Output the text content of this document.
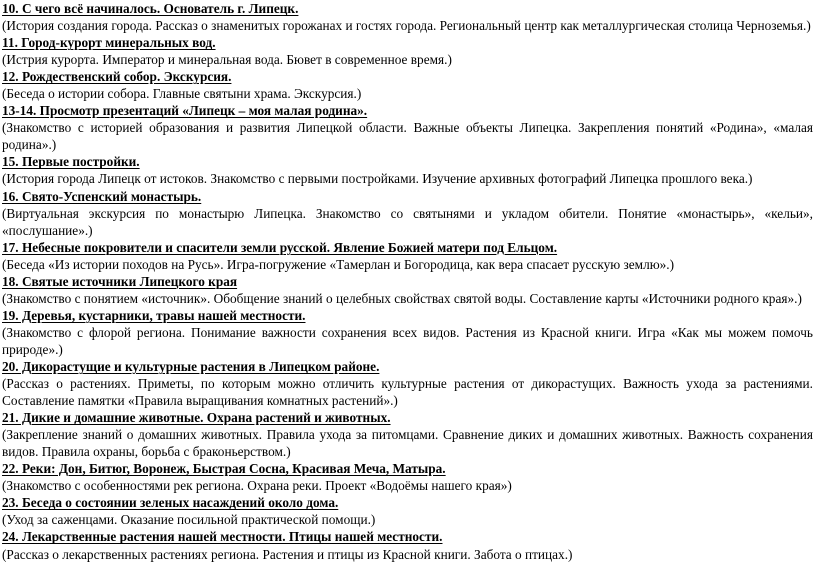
10. С чего всё начиналось. Основатель г. Липецк.
(История создания города. Рассказ о знаменитых горожанах и гостях города. Региональный центр как металлургическая столица Черноземья.)
11. Город-курорт минеральных вод.
(Истрия курорта. Император и минеральная вода. Бювет в современное время.)
12. Рождественский собор. Экскурсия.
(Беседа о истории собора. Главные святыни храма. Экскурсия.)
13-14. Просмотр презентаций «Липецк – моя малая родина».
(Знакомство с историей образования и развития Липецкой области. Важные объекты Липецка. Закрепления понятий «Родина», «малая родина».)
15. Первые постройки.
(История города Липецк от истоков. Знакомство с первыми постройками. Изучение архивных фотографий Липецка прошлого века.)
16. Свято-Успенский монастырь.
(Виртуальная экскурсия по монастырю Липецка. Знакомство со святынями и укладом обители. Понятие «монастырь», «кельи», «послушание».)
17. Небесные покровители и спасители земли русской. Явление Божией матери под Ельцом.
(Беседа «Из истории походов на Русь». Игра-погружение «Тамерлан и Богородица, как вера спасает русскую землю».)
18. Святые источники Липецкого края
(Знакомство с понятием «источник». Обобщение знаний о целебных свойствах святой воды. Составление карты «Источники родного края».)
19. Деревья, кустарники, травы нашей местности.
(Знакомство с флорой региона. Понимание важности сохранения всех видов. Растения из Красной книги. Игра «Как мы можем помочь природе».)
20. Дикорастущие и культурные растения в Липецком районе.
(Рассказ о растениях. Приметы, по которым можно отличить культурные растения от дикорастущих. Важность ухода за растениями. Составление памятки «Правила выращивания комнатных растений».)
21. Дикие и домашние животные. Охрана растений и животных.
(Закрепление знаний о домашних животных. Правила ухода за питомцами. Сравнение диких и домашних животных. Важность сохранения видов. Правила охраны, борьба с браконьерством.)
22. Реки: Дон, Битюг, Воронеж, Быстрая Сосна, Красивая Меча, Матыра.
(Знакомство с особенностями рек региона. Охрана реки. Проект «Водоёмы нашего края»)
23. Беседа о состоянии зеленых насаждений около дома.
(Уход за саженцами. Оказание посильной практической помощи.)
24. Лекарственные растения нашей местности. Птицы нашей местности.
(Рассказ о лекарственных растениях региона. Растения и птицы из Красной книги. Забота о птицах.)
